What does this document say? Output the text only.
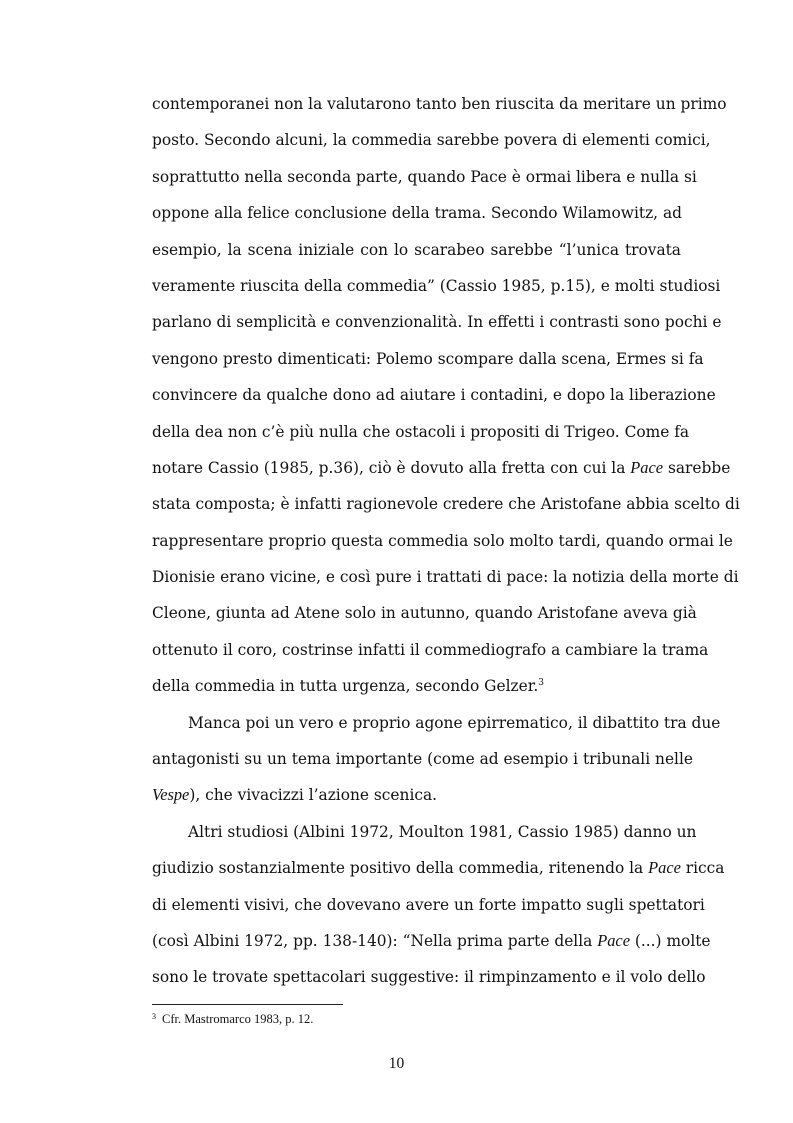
contemporanei non la valutarono tanto ben riuscita da meritare un primo
posto. Secondo alcuni, la commedia sarebbe povera di elementi comici,
soprattutto nella seconda parte, quando Pace è ormai libera e nulla si
oppone alla felice conclusione della trama. Secondo Wilamowitz, ad
esempio, la scena iniziale con lo scarabeo sarebbe “l’unica trovata
veramente riuscita della commedia” (Cassio 1985, p.15), e molti studiosi
parlano di semplicità e convenzionalità. In effetti i contrasti sono pochi e
vengono presto dimenticati: Polemo scompare dalla scena, Ermes si fa
convincere da qualche dono ad aiutare i contadini, e dopo la liberazione
della dea non c’è più nulla che ostacoli i propositi di Trigeo. Come fa
notare Cassio (1985, p.36), ciò è dovuto alla fretta con cui la Pace sarebbe
stata composta; è infatti ragionevole credere che Aristofane abbia scelto di
rappresentare proprio questa commedia solo molto tardi, quando ormai le
Dionisie erano vicine, e così pure i trattati di pace: la notizia della morte di
Cleone, giunta ad Atene solo in autunno, quando Aristofane aveva già
ottenuto il coro, costrinse infatti il commediografo a cambiare la trama
della commedia in tutta urgenza, secondo Gelzer.$^3$
Manca poi un vero e proprio agone epirrematico, il dibattito tra due
antagonisti su un tema importante (come ad esempio i tribunali nelle
Vespe), che vivacizzi l’azione scenica.
Altri studiosi (Albini 1972, Moulton 1981, Cassio 1985) danno un
giudizio sostanzialmente positivo della commedia, ritenendo la Pace ricca
di elementi visivi, che dovevano avere un forte impatto sugli spettatori
(così Albini 1972, pp. 138-140): “Nella prima parte della Pace (...) molte
sono le trovate spettacolari suggestive: il rimpinzamento e il volo dello
$^3$ Cfr. Mastromarco 1983, p. 12.
10
